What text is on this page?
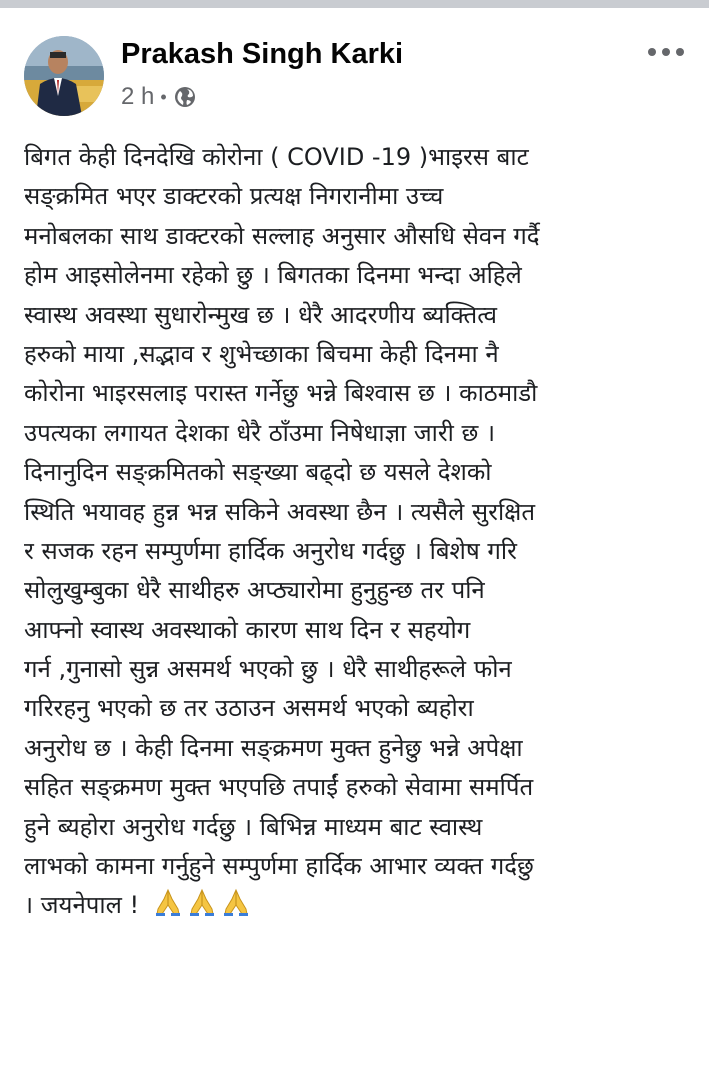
Prakash Singh Karki
2 h •
बिगत केही दिनदेखि कोरोना ( COVID -19 )भाइरस बाट
सङ्क्रमित भएर डाक्टरको प्रत्यक्ष निगरानीमा उच्च
मनोबलका साथ डाक्टरको सल्लाह अनुसार औसधि सेवन गर्दै
होम आइसोलेनमा रहेको छु । बिगतका दिनमा भन्दा अहिले
स्वास्थ अवस्था सुधारोन्मुख छ । धेरै आदरणीय ब्यक्तित्व
हरुको माया ,सद्भाव र शुभेच्छाका बिचमा केही दिनमा नै
कोरोना भाइरसलाइ परास्त गर्नेछु भन्ने बिश्वास छ । काठमाडौ
उपत्यका लगायत देशका धेरै ठाँउमा निषेधाज्ञा जारी छ ।
दिनानुदिन सङ्क्रमितको सङ्ख्या बढ्दो छ यसले देशको
स्थिति भयावह हुन्न भन्न सकिने अवस्था छैन । त्यसैले सुरक्षित
र सजक रहन सम्पुर्णमा हार्दिक अनुरोध गर्दछु । बिशेष गरि
सोलुखुम्बुका धेरै साथीहरु अप्ठ्यारोमा हुनुहुन्छ तर पनि
आफ्नो स्वास्थ अवस्थाको कारण साथ दिन र सहयोग
गर्न ,गुनासो सुन्न असमर्थ भएको छु । धेरै साथीहरूले फोन
गरिरहनु भएको छ तर उठाउन असमर्थ भएको ब्यहोरा
अनुरोध छ । केही दिनमा सङ्क्रमण मुक्त हुनेछु भन्ने अपेक्षा
सहित सङ्क्रमण मुक्त भएपछि तपाईं हरुको सेवामा समर्पित
हुने ब्यहोरा अनुरोध गर्दछु । बिभिन्न माध्यम बाट स्वास्थ
लाभको कामना गर्नुहुने सम्पुर्णमा हार्दिक आभार व्यक्त गर्दछु
। जयनेपाल !
